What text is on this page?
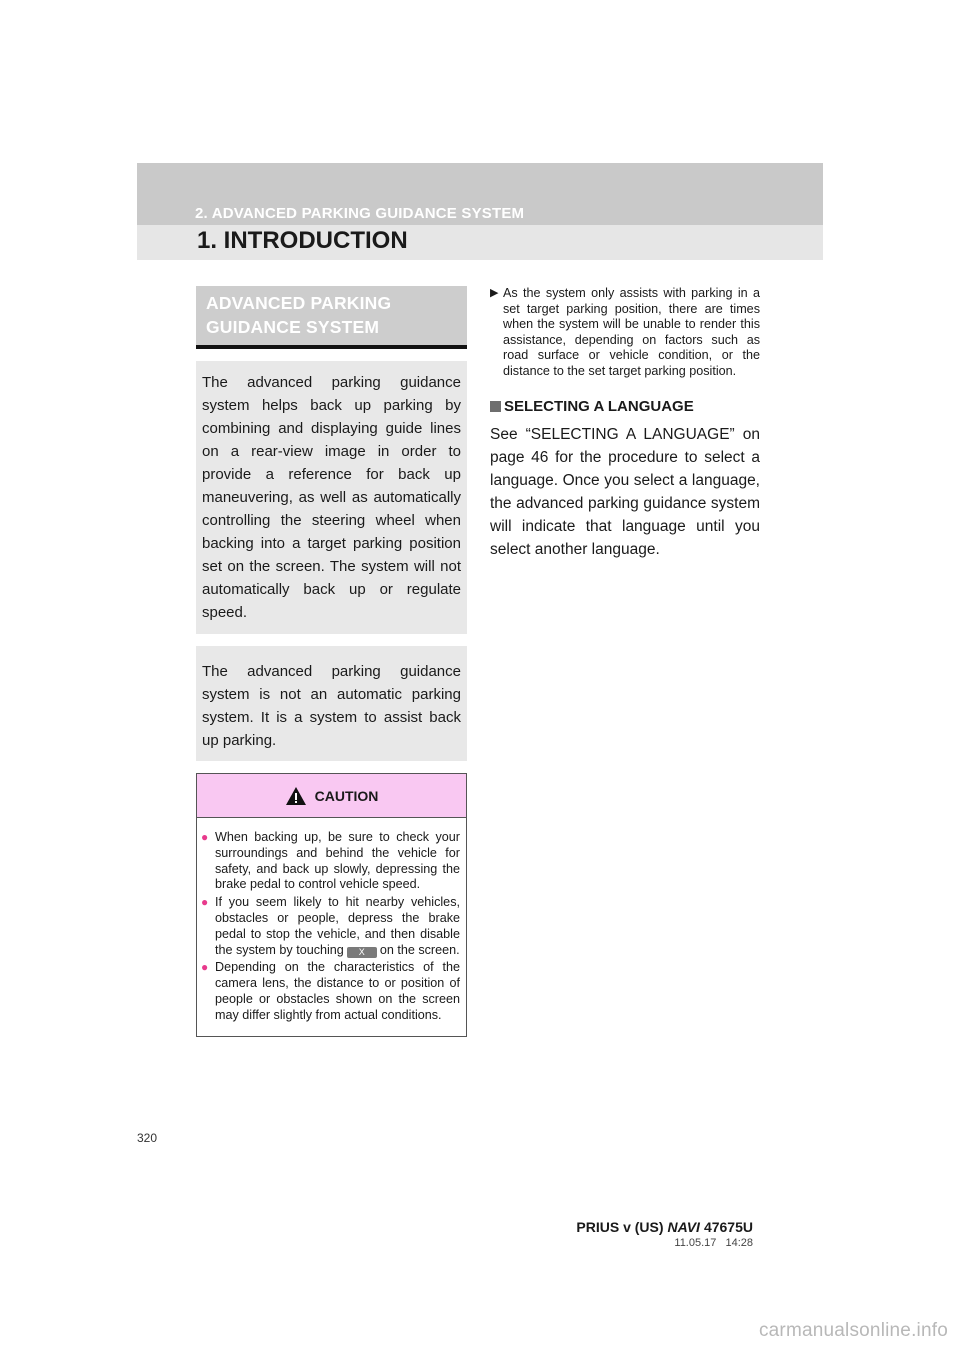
2. ADVANCED PARKING GUIDANCE SYSTEM
1. INTRODUCTION
ADVANCED PARKING
GUIDANCE SYSTEM
The advanced parking guidance system helps back up parking by combining and displaying guide lines on a rear-view image in order to provide a reference for back up maneuvering, as well as automatically controlling the steering wheel when backing into a target parking position set on the screen. The system will not automatically back up or regulate speed.
The advanced parking guidance system is not an automatic parking system. It is a system to assist back up parking.
CAUTION
● When backing up, be sure to check your surroundings and behind the vehicle for safety, and back up slowly, depressing the brake pedal to control vehicle speed.
● If you seem likely to hit nearby vehicles, obstacles or people, depress the brake pedal to stop the vehicle, and then disable the system by touching X on the screen.
● Depending on the characteristics of the camera lens, the distance to or position of people or obstacles shown on the screen may differ slightly from actual conditions.
▶ As the system only assists with parking in a set target parking position, there are times when the system will be unable to render this assistance, depending on factors such as road surface or vehicle condition, or the distance to the set target parking position.
SELECTING A LANGUAGE
See “SELECTING A LANGUAGE” on page 46 for the procedure to select a language. Once you select a language, the advanced parking guidance system will indicate that language until you select another language.
320
PRIUS v (US) NAVI 47675U
11.05.17 14:28
carmanualsonline.info
